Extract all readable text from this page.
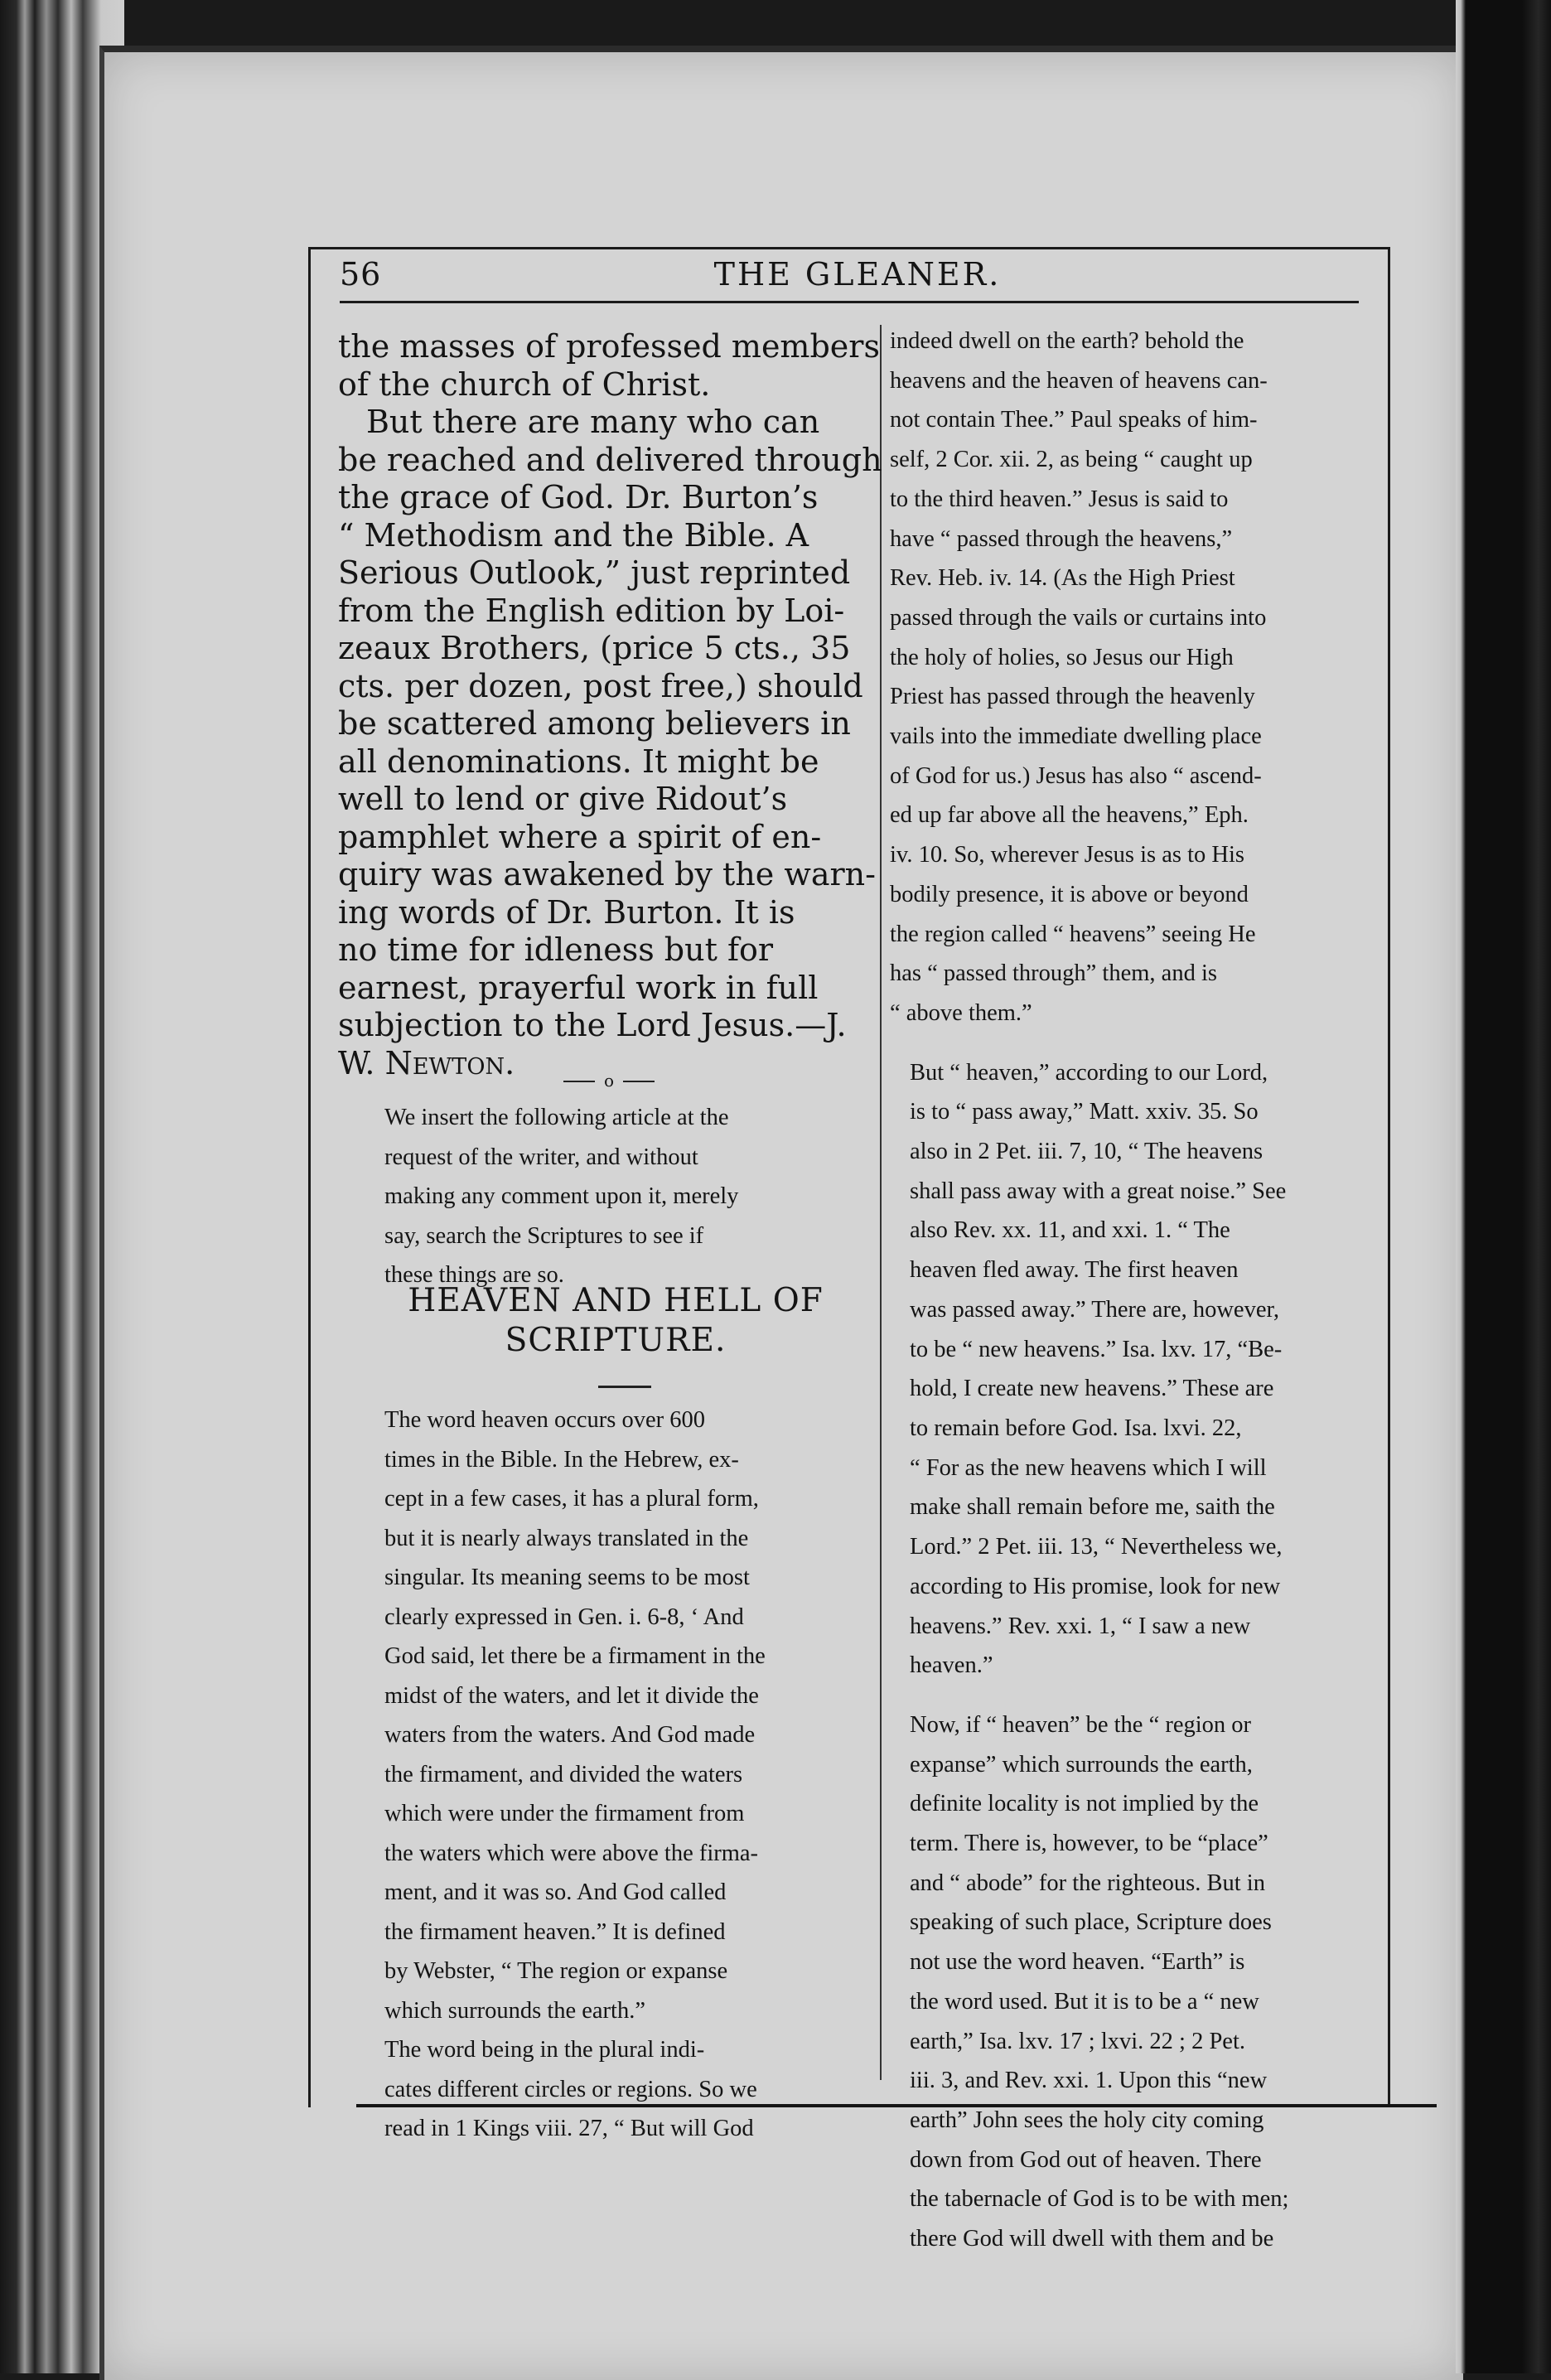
56	THE GLEANER.

the masses of professed members
of the church of Christ.

But there are many who can
be reached and delivered through
the grace of God. Dr. Burton’s
“ Methodism and the Bible. A
Serious Outlook,” just reprinted
from the English edition by Loi-
zeaux Brothers, (price 5 cts., 35
cts. per dozen, post free,) should
be scattered among believers in
all denominations. It might be
well to lend or give Ridout’s
pamphlet where a spirit of en-
quiry was awakened by the warn-
ing words of Dr. Burton. It is
no time for idleness but for
earnest, prayerful work in full
subjection to the Lord Jesus.—J.
W. Newton.	o

We insert the following article at the
request of the writer, and without
making any comment upon it, merely
say, search the Scriptures to see if
these things are so.

HEAVEN AND HELL OF
SCRIPTURE.

The word heaven occurs over 600
times in the Bible. In the Hebrew, ex-
cept in a few cases, it has a plural form,
but it is nearly always translated in the
singular. Its meaning seems to be most
clearly expressed in Gen. i. 6-8, ‘ And
God said, let there be a firmament in the
midst of the waters, and let it divide the
waters from the waters. And God made
the firmament, and divided the waters
which were under the firmament from
the waters which were above the firma-
ment, and it was so. And God called
the firmament heaven.” It is defined
by Webster, “ The region or expanse
which surrounds the earth.”

The word being in the plural indi-
cates different circles or regions. So we
read in 1 Kings viii. 27, “ But will God

indeed dwell on the earth? behold the
heavens and the heaven of heavens can-
not contain Thee.” Paul speaks of him-
self, 2 Cor. xii. 2, as being “ caught up
to the third heaven.” Jesus is said to
have “ passed through the heavens,”
Rev. Heb. iv. 14. (As the High Priest
passed through the vails or curtains into
the holy of holies, so Jesus our High
Priest has passed through the heavenly
vails into the immediate dwelling place
of God for us.) Jesus has also “ ascend-
ed up far above all the heavens,” Eph.
iv. 10. So, wherever Jesus is as to His
bodily presence, it is above or beyond
the region called “ heavens” seeing He
has “ passed through” them, and is
“ above them.”

But “ heaven,” according to our Lord,
is to “ pass away,” Matt. xxiv. 35. So
also in 2 Pet. iii. 7, 10, “ The heavens
shall pass away with a great noise.” See
also Rev. xx. 11, and xxi. 1. “ The
heaven fled away. The first heaven
was passed away.” There are, however,
to be “ new heavens.” Isa. lxv. 17, “Be-
hold, I create new heavens.” These are
to remain before God. Isa. lxvi. 22,
“ For as the new heavens which I will
make shall remain before me, saith the
Lord.” 2 Pet. iii. 13, “ Nevertheless we,
according to His promise, look for new
heavens.” Rev. xxi. 1, “ I saw a new
heaven.”

Now, if “ heaven” be the “ region or
expanse” which surrounds the earth,
definite locality is not implied by the
term. There is, however, to be “place”
and “ abode” for the righteous. But in
speaking of such place, Scripture does
not use the word heaven. “Earth” is
the word used. But it is to be a “ new
earth,” Isa. lxv. 17 ; lxvi. 22 ; 2 Pet.
iii. 3, and Rev. xxi. 1. Upon this “new
earth” John sees the holy city coming
down from God out of heaven. There
the tabernacle of God is to be with men;
there God will dwell with them and be
